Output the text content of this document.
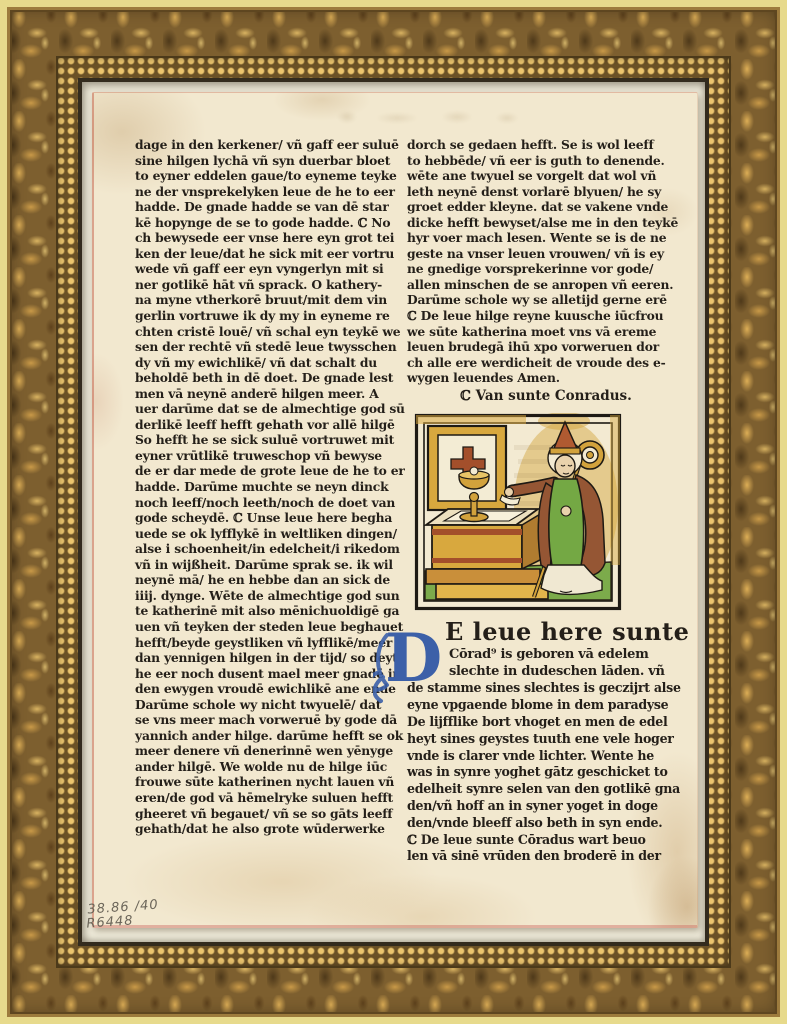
dage in den kerkener/ vñ gaff eer suluē
sine hilgen lychā vñ syn duerbar bloet
to eyner eddelen gaue/to eyneme teyke
ne der vnsprekelyken leue de he to eer
hadde. De gnade hadde se van dē star
kē hopynge de se to gode hadde. ℂ No
ch bewysede eer vnse here eyn grot tei
ken der leue/dat he sick mit eer vortru
wede vñ gaff eer eyn vyngerlyn mit si
ner gotlikē hāt vñ sprack. O kathery-
na myne vtherkorē bruut/mit dem vin
gerlin vortruwe ik dy my in eyneme re
chten cristē louē/ vñ schal eyn teykē we
sen der rechtē vñ stedē leue twysschen
dy vñ my ewichlikē/ vñ dat schalt du
beholdē beth in dē doet. De gnade lest
men vā neynē anderē hilgen meer. A
uer darūme dat se de almechtige god sū
derlikē leeff hefft gehath vor allē hilgē
So hefft he se sick suluē vortruwet mit
eyner vrūtlikē truweschop vñ bewyse
de er dar mede de grote leue de he to er
hadde. Darūme muchte se neyn dinck
noch leeff/noch leeth/noch de doet van
gode scheydē. ℂ Unse leue here begha
uede se ok lyfflykē in weltliken dingen/
alse i schoenheit/in edelcheit/i rikedom
vñ in wijßheit. Darūme sprak se. ik wil
neynē mā/ he en hebbe dan an sick de
iiij. dynge. Wēte de almechtige god sun
te katherinē mit also mēnichuoldigē ga
uen vñ teyken der steden leue beghauet
hefft/beyde geystliken vñ lyfflikē/meer
dan yennigen hilgen in der tijd/ so deyt
he eer noch dusent mael meer gnadē in
den ewygen vroudē ewichlikē ane ende
Darūme schole wy nicht twyuelē/ dat
se vns meer mach vorweruē by gode dā
yannich ander hilge. darūme hefft se ok
meer denere vñ denerinnē wen yēnyge
ander hilgē. We wolde nu de hilge iūc
frouwe sūte katherinen nycht lauen vñ
eren/de god vā hēmelryke suluen hefft
gheeret vñ begauet/ vñ se so gāts leeff
gehath/dat he also grote wūderwerke
dorch se gedaen hefft. Se is wol leeff
to hebbēde/ vñ eer is guth to denende.
wēte ane twyuel se vorgelt dat wol vñ
leth neynē denst vorlarē blyuen/ he sy
groet edder kleyne. dat se vakene vnde
dicke hefft bewyset/alse me in den teykē
hyr voer mach lesen. Wente se is de ne
geste na vnser leuen vrouwen/ vñ is ey
ne gnedige vorsprekerinne vor gode/
allen minschen de se anropen vñ eeren.
Darūme schole wy se alletijd gerne erē
ℂ De leue hilge reyne kuusche iūcfrou
we sūte katherina moet vns vā ereme
leuen brudegā ihū xpo vorweruen dor
ch alle ere werdicheit de vroude des e-
wygen leuendes Amen.
ℂ Van sunte Conradus.
D E leue here sunte
Cōrad⁹ is geboren vā edelem
slechte in dudeschen lāden. vñ
de stamme sines slechtes is geczijrt alse
eyne vpgaende blome in dem paradyse
De lijfflike bort vhoget en men de edel
heyt sines geystes tuuth ene vele hoger
vnde is clarer vnde lichter. Wente he
was in synre yoghet gātz geschicket to
edelheit synre selen van den gotlikē gna
den/vñ hoff an in syner yoget in doge
den/vnde bleeff also beth in syn ende.
ℂ De leue sunte Cōradus wart beuo
len vā sinē vrūden den broderē in der
38.86 /40
R6448
